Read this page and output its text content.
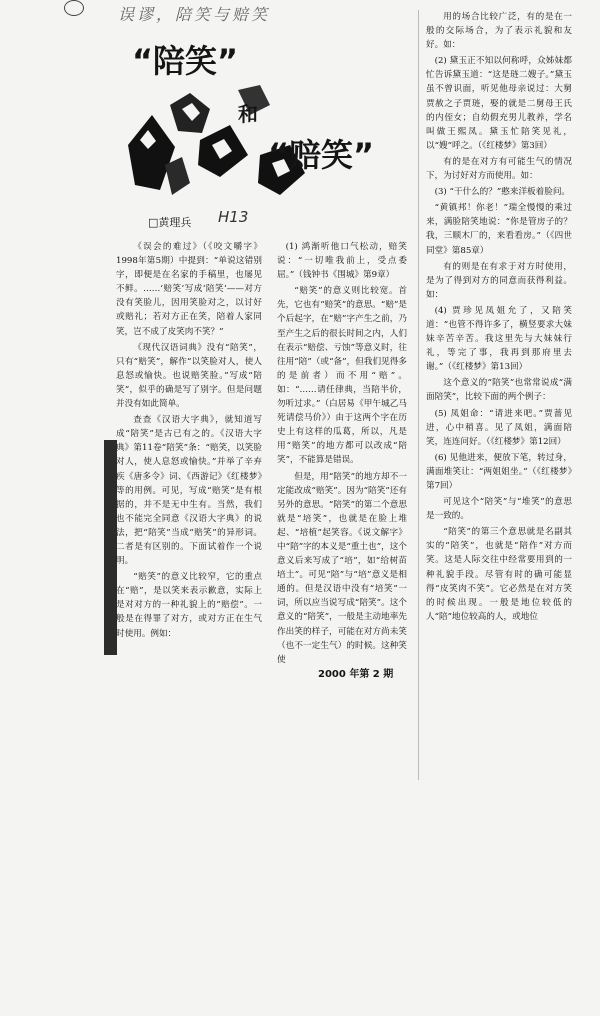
误谬，陪笑与赔笑
“陪笑”
和
“赔笑”
□黄理兵 H13
YUWEN

《误会的难过》（《咬文嚼字》1998年第5期）中提到：“单说这错别字，即便是在名家的手稿里，也屡见不鲜。……‘赔笑’写成‘陪笑’——对方没有笑脸儿，因用笑脸对之，以讨好或赔礼；若对方正在笑，陪着人家同笑，岂不成了皮笑肉不笑？”

《现代汉语词典》没有“陪笑”，只有“赔笑”，解作“以笑脸对人，使人息怒或愉快。也说赔笑脸。”写成“陪笑”，似乎的确是写了别字。但是问题并没有如此简单。

查查《汉语大字典》，就知道写成“陪笑”是古已有之的。《汉语大字典》第11卷“陪笑”条：“赔笑，以笑脸对人，使人息怒或愉快。”并举了辛弃疾《唐多令》词、《西游记》《红楼梦》等的用例。可见，写成“赔笑”是有根据的，并不是无中生有。当然，我们也不能完全同意《汉语大字典》的说法，把“陪笑”当成“赔笑”的异形词。二者是有区别的。下面试着作一个说明。

“赔笑”的意义比较窄，它的重点在“赔”，是以笑来表示歉意，实际上是对对方的一种礼貌上的“赔偿”。一般是在得罪了对方，或对方正在生气时使用。例如：

(1) 鸿渐听他口气松动，赔笑说：“一切唯我前上，受点委屈。”（钱钟书《围城》第9章）

“赔笑”的意义则比较宽。首先，它也有“赔笑”的意思。“赔”是个后起字，在“赔”字产生之前，乃至产生之后的很长时间之内，人们在表示“赔偿、亏蚀”等意义时，往往用“陪”（或“备”，但我们见得多的是前者）而不用“赔”。如：“……请任律典，当陪半价，勿听过求。”（白居易《甲午城乙马死请偿马价》）由于这两个字在历史上有这样的瓜葛，所以，凡是用“赔笑”的地方都可以改成“陪笑”，不能算是错误。

但是，用“陪笑”的地方却不一定能改成“赔笑”。因为“陪笑”还有另外的意思。“陪笑”的第二个意思就是“培笑”，也就是在脸上堆起、“培植”起笑容。《说文解字》中“陪”字的本义是“重土也”，这个意义后来写成了“培”，如“给树苗培土”。可见“陪”与“培”意义是相通的。但是汉语中没有“培笑”一词，所以应当说写成“陪笑”。这个意义的“陪笑”，一般是主动地率先作出笑的样子，可能在对方尚未笑（也不一定生气）的时候。这种笑使

用的场合比较广泛，有的是在一般的交际场合，为了表示礼貌和友好。如：

(2) 黛玉正不知以何称呼，众姊妹都忙告诉黛玉道：“这是琏二嫂子。”黛玉虽不曾识面，听见他母亲说过：大舅贾赦之子贾琏，娶的就是二舅母王氏的内侄女；自幼假充男儿教养，学名叫做王熙凤。黛玉忙陪笑见礼，以“嫂”呼之。（《红楼梦》第3回）

有的是在对方有可能生气的情况下，为讨好对方而使用。如：

(3) “干什么的？”憨来洋板着脸问。

“黄镇邦！你老！”瑞全慢慢的乘过来，满脸陪笑地说：“你是管房子的？我，三顺木厂的，来看看房。”（《四世同堂》第85章）

有的则是在有求于对方时使用，是为了得到对方的同意而获得利益。如：

(4) 贾珍见凤姐允了，又陪笑道：“也管不得许多了，横竖要求大妹妹辛苦辛苦。我这里先与大妹妹行礼，等完了事，我再到那府里去谢。”（《红楼梦》第13回）

这个意义的“陪笑”也常常说成“满面陪笑”，比较下面的两个例子：

(5) 凤姐命：“请进来吧。”贾蔷见进，心中稍喜。见了凤姐，满面陪笑，连连问好。（《红楼梦》第12回）

(6) 见他进来，便放下笔，转过身，满面堆笑让：“两姐姐坐。”（《红楼梦》第7回）

可见这个“陪笑”与“堆笑”的意思是一致的。

“陪笑”的第三个意思就是名副其实的“陪笑”，也就是“陪作”对方而笑。这是人际交往中经常要用到的一种礼貌手段。尽管有时的确可能显得“皮笑肉不笑”。它必然是在对方笑的时候出现。一般是地位较低的人“陪”地位较高的人，或地位

2000 年第 2 期
